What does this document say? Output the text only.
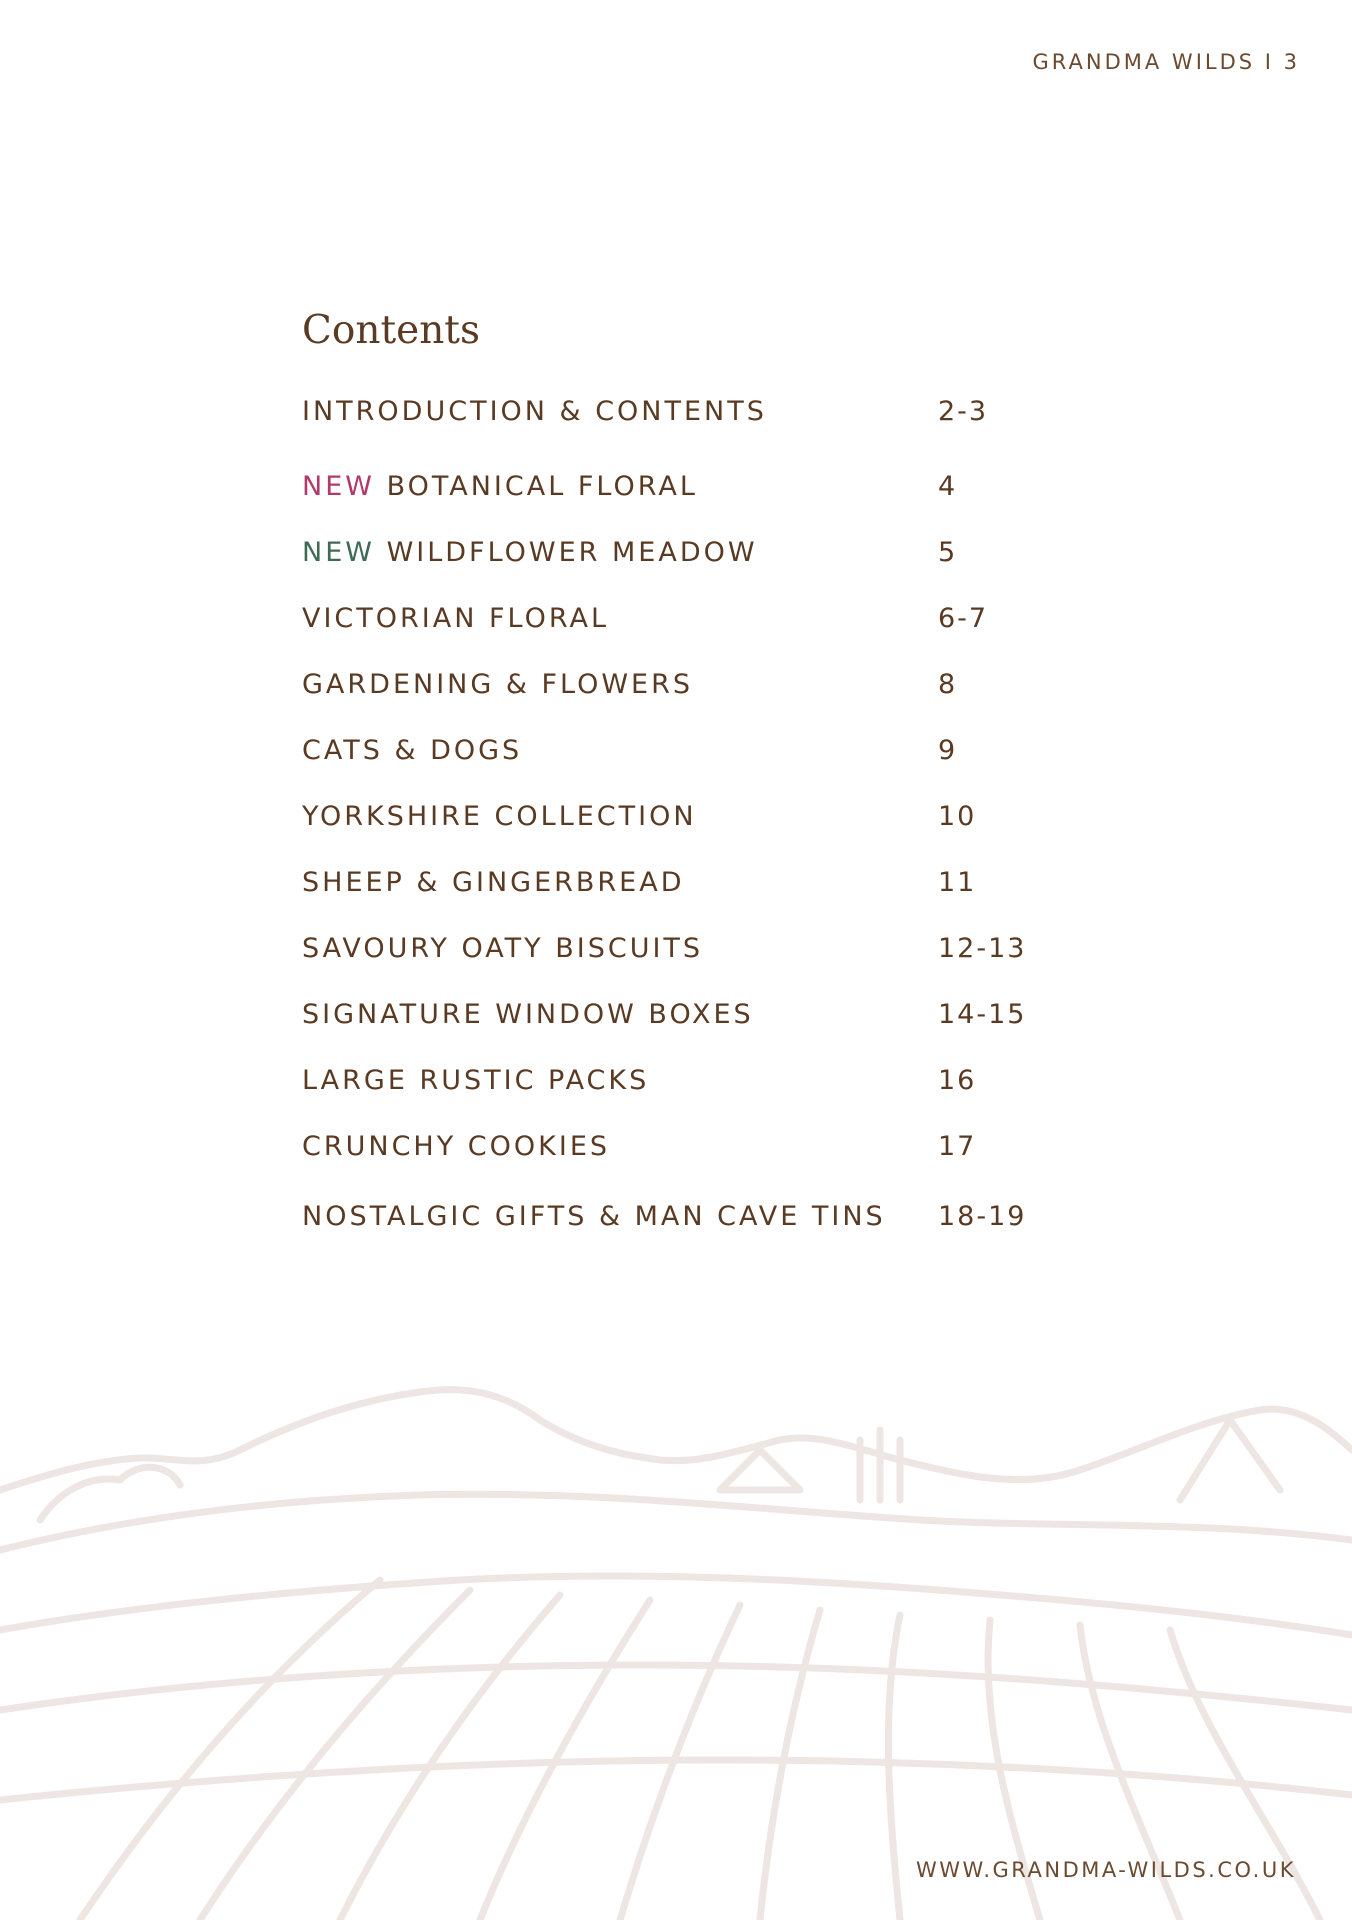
GRANDMA WILDS I 3
Contents
INTRODUCTION & CONTENTS	2-3
NEW BOTANICAL FLORAL	4
NEW WILDFLOWER MEADOW	5
VICTORIAN FLORAL	6-7
GARDENING & FLOWERS	8
CATS & DOGS	9
YORKSHIRE COLLECTION	10
SHEEP & GINGERBREAD	11
SAVOURY OATY BISCUITS	12-13
SIGNATURE WINDOW BOXES	14-15
LARGE RUSTIC PACKS	16
CRUNCHY COOKIES	17
NOSTALGIC GIFTS & MAN CAVE TINS 18-19
WWW.GRANDMA-WILDS.CO.UK
